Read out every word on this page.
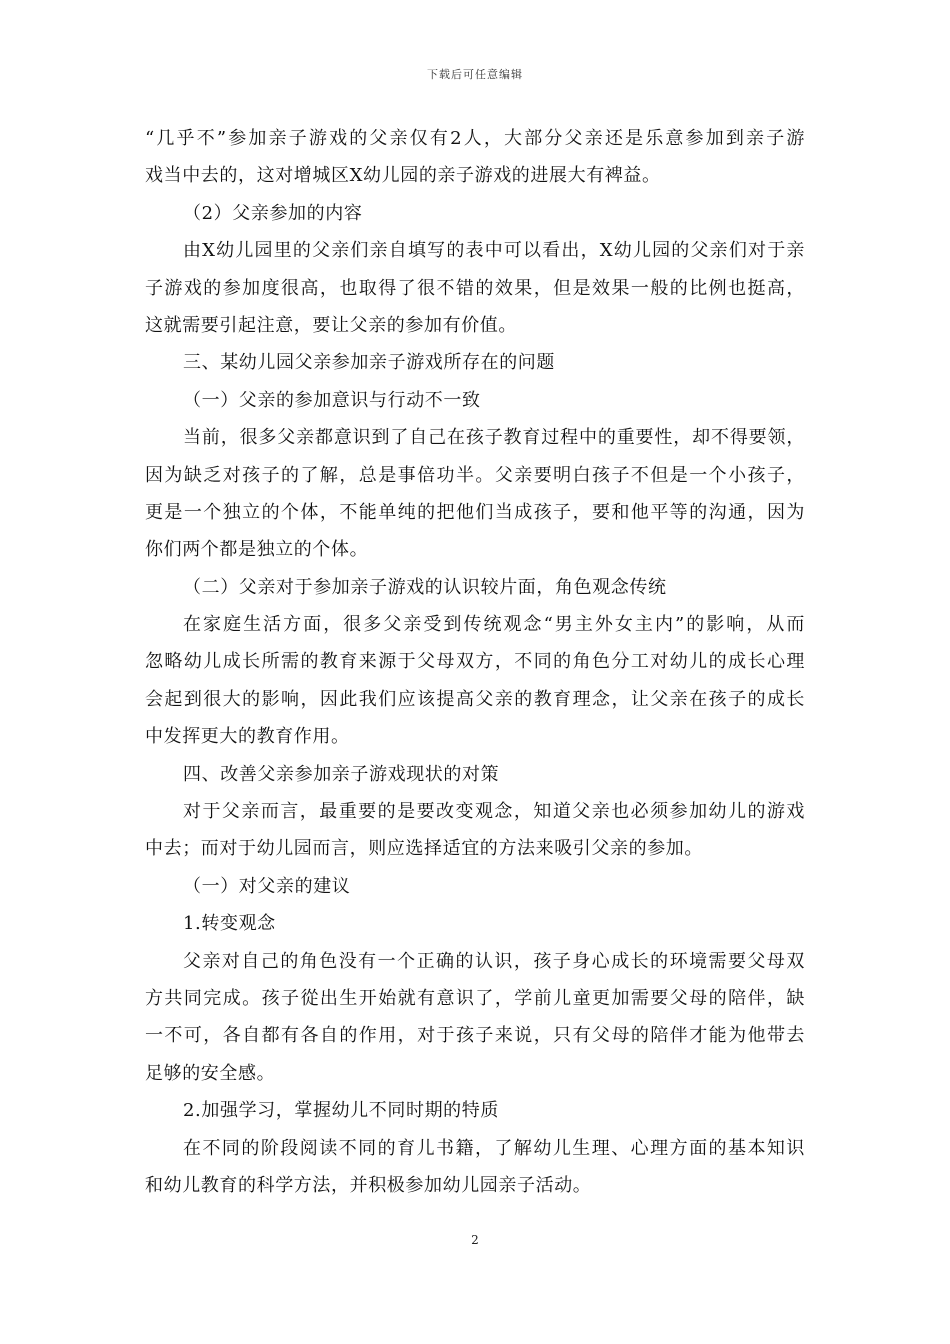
下载后可任意编辑
“几乎不”参加亲子游戏的父亲仅有2人，大部分父亲还是乐意参加到亲子游
戏当中去的，这对增城区X幼儿园的亲子游戏的进展大有裨益。
（2）父亲参加的内容
由X幼儿园里的父亲们亲自填写的表中可以看出，X幼儿园的父亲们对于亲
子游戏的参加度很高，也取得了很不错的效果，但是效果一般的比例也挺高，
这就需要引起注意，要让父亲的参加有价值。
三、某幼儿园父亲参加亲子游戏所存在的问题
（一）父亲的参加意识与行动不一致
当前，很多父亲都意识到了自己在孩子教育过程中的重要性，却不得要领，
因为缺乏对孩子的了解，总是事倍功半。父亲要明白孩子不但是一个小孩子，
更是一个独立的个体，不能单纯的把他们当成孩子，要和他平等的沟通，因为
你们两个都是独立的个体。
（二）父亲对于参加亲子游戏的认识较片面，角色观念传统
在家庭生活方面，很多父亲受到传统观念“男主外女主内”的影响，从而
忽略幼儿成长所需的教育来源于父母双方，不同的角色分工对幼儿的成长心理
会起到很大的影响，因此我们应该提高父亲的教育理念，让父亲在孩子的成长
中发挥更大的教育作用。
四、改善父亲参加亲子游戏现状的对策
对于父亲而言，最重要的是要改变观念，知道父亲也必须参加幼儿的游戏
中去；而对于幼儿园而言，则应选择适宜的方法来吸引父亲的参加。
（一）对父亲的建议
1.转变观念
父亲对自己的角色没有一个正确的认识，孩子身心成长的环境需要父母双
方共同完成。孩子從出生开始就有意识了，学前儿童更加需要父母的陪伴，缺
一不可，各自都有各自的作用，对于孩子来说，只有父母的陪伴才能为他带去
足够的安全感。
2.加强学习，掌握幼儿不同时期的特质
在不同的阶段阅读不同的育儿书籍，了解幼儿生理、心理方面的基本知识
和幼儿教育的科学方法，并积极参加幼儿园亲子活动。
2
